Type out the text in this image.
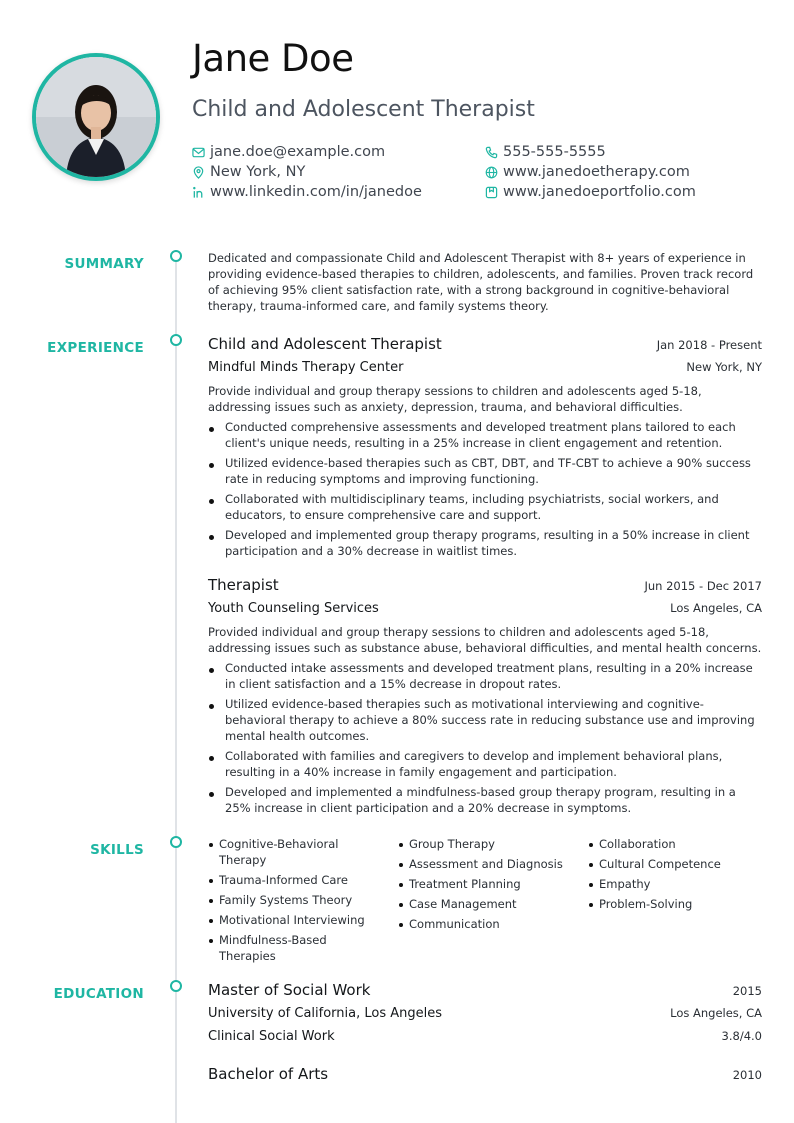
Jane Doe
Child and Adolescent Therapist
jane.doe@example.com	555-555-5555
New York, NY	www.janedoetherapy.com
www.linkedin.com/in/janedoe	www.janedoeportfolio.com
SUMMARY	Dedicated and compassionate Child and Adolescent Therapist with 8+ years of experience in providing evidence-based therapies to children, adolescents, and families. Proven track record of achieving 95% client satisfaction rate, with a strong background in cognitive-behavioral therapy, trauma-informed care, and family systems theory.
EXPERIENCE	Child and Adolescent Therapist	Jan 2018 - Present
Mindful Minds Therapy Center	New York, NY
Provide individual and group therapy sessions to children and adolescents aged 5-18, addressing issues such as anxiety, depression, trauma, and behavioral difficulties.
Conducted comprehensive assessments and developed treatment plans tailored to each client's unique needs, resulting in a 25% increase in client engagement and retention.
Utilized evidence-based therapies such as CBT, DBT, and TF-CBT to achieve a 90% success rate in reducing symptoms and improving functioning.
Collaborated with multidisciplinary teams, including psychiatrists, social workers, and educators, to ensure comprehensive care and support.
Developed and implemented group therapy programs, resulting in a 50% increase in client participation and a 30% decrease in waitlist times.
Therapist	Jun 2015 - Dec 2017
Youth Counseling Services	Los Angeles, CA
Provided individual and group therapy sessions to children and adolescents aged 5-18, addressing issues such as substance abuse, behavioral difficulties, and mental health concerns.
Conducted intake assessments and developed treatment plans, resulting in a 20% increase in client satisfaction and a 15% decrease in dropout rates.
Utilized evidence-based therapies such as motivational interviewing and cognitive-behavioral therapy to achieve a 80% success rate in reducing substance use and improving mental health outcomes.
Collaborated with families and caregivers to develop and implement behavioral plans, resulting in a 40% increase in family engagement and participation.
Developed and implemented a mindfulness-based group therapy program, resulting in a 25% increase in client participation and a 20% decrease in symptoms.
SKILLS	Cognitive-Behavioral Therapy
Trauma-Informed Care
Family Systems Theory
Motivational Interviewing
Mindfulness-Based Therapies
Group Therapy
Assessment and Diagnosis
Treatment Planning
Case Management
Communication
Collaboration
Cultural Competence
Empathy
Problem-Solving
EDUCATION	Master of Social Work	2015
University of California, Los Angeles	Los Angeles, CA
Clinical Social Work	3.8/4.0
Bachelor of Arts	2010
